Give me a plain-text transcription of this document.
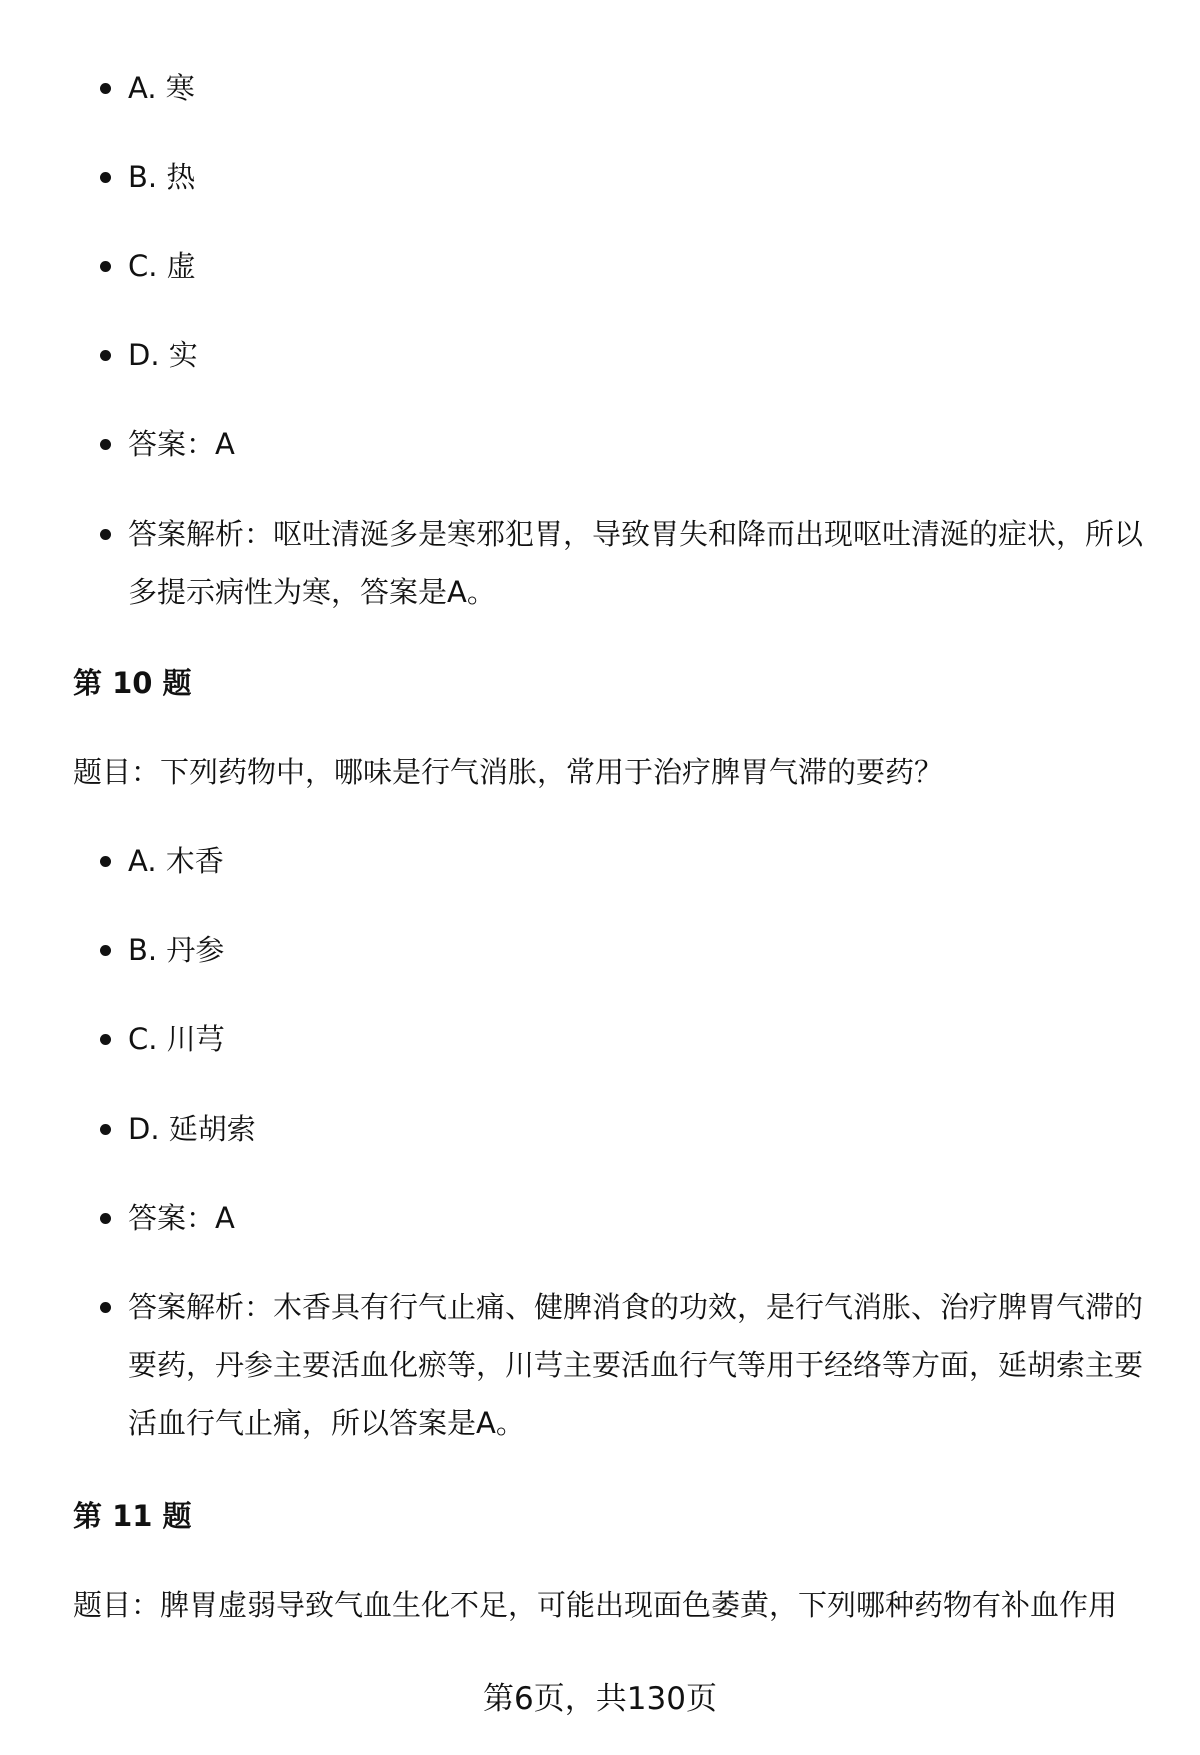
A. 寒
B. 热
C. 虚
D. 实
答案：A
答案解析：呕吐清涎多是寒邪犯胃，导致胃失和降而出现呕吐清涎的症状，所以多提示病性为寒，答案是A。
第 10 题
题目：下列药物中，哪味是行气消胀，常用于治疗脾胃气滞的要药？
A. 木香
B. 丹参
C. 川芎
D. 延胡索
答案：A
答案解析：木香具有行气止痛、健脾消食的功效，是行气消胀、治疗脾胃气滞的要药，丹参主要活血化瘀等，川芎主要活血行气等用于经络等方面，延胡索主要活血行气止痛，所以答案是A。
第 11 题
题目：脾胃虚弱导致气血生化不足，可能出现面色萎黄，下列哪种药物有补血作用
第6页，共130页
